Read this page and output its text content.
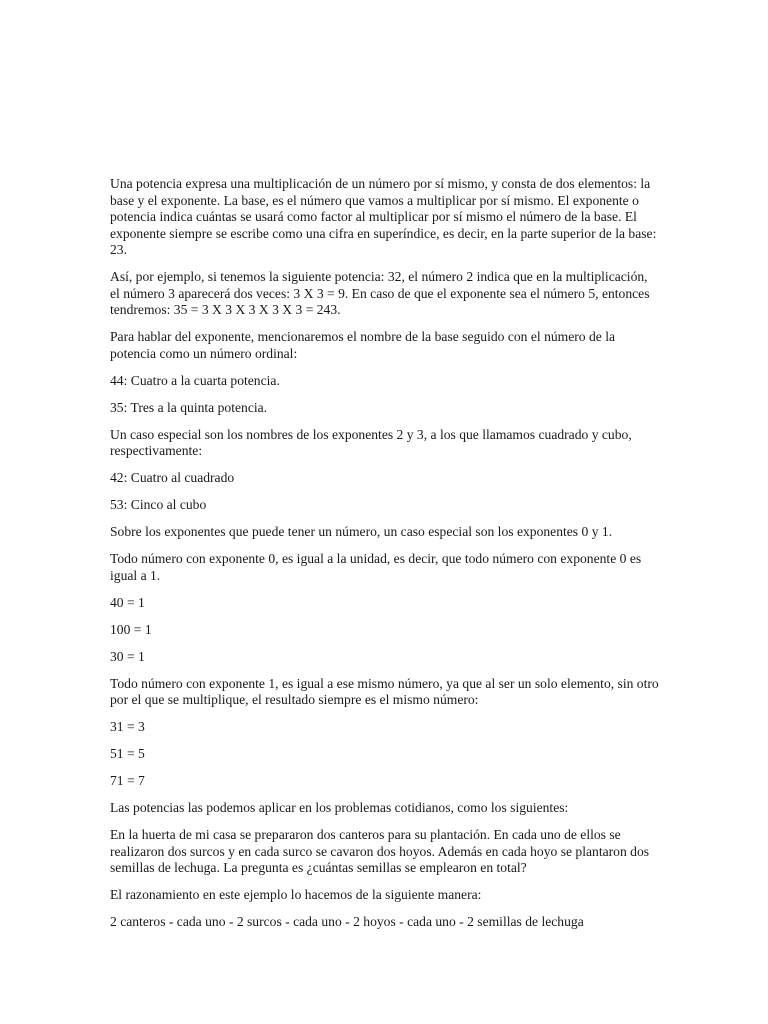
Una potencia expresa una multiplicación de un número por sí mismo, y consta de dos elementos: la base y el exponente. La base, es el número que vamos a multiplicar por sí mismo. El exponente o potencia indica cuántas se usará como factor al multiplicar por sí mismo el número de la base. El exponente siempre se escribe como una cifra en superíndice, es decir, en la parte superior de la base: 23.

Así, por ejemplo, si tenemos la siguiente potencia: 32, el número 2 indica que en la multiplicación, el número 3 aparecerá dos veces: 3 X 3 = 9. En caso de que el exponente sea el número 5, entonces tendremos: 35 = 3 X 3 X 3 X 3 X 3 = 243.

Para hablar del exponente, mencionaremos el nombre de la base seguido con el número de la potencia como un número ordinal:

44: Cuatro a la cuarta potencia.

35: Tres a la quinta potencia.

Un caso especial son los nombres de los exponentes 2 y 3, a los que llamamos cuadrado y cubo, respectivamente:

42: Cuatro al cuadrado

53: Cinco al cubo

Sobre los exponentes que puede tener un número, un caso especial son los exponentes 0 y 1.

Todo número con exponente 0, es igual a la unidad, es decir, que todo número con exponente 0 es igual a 1.

40 = 1

100 = 1

30 = 1

Todo número con exponente 1, es igual a ese mismo número, ya que al ser un solo elemento, sin otro por el que se multiplique, el resultado siempre es el mismo número:

31 = 3

51 = 5

71 = 7

Las potencias las podemos aplicar en los problemas cotidianos, como los siguientes:

En la huerta de mi casa se prepararon dos canteros para su plantación. En cada uno de ellos se realizaron dos surcos y en cada surco se cavaron dos hoyos. Además en cada hoyo se plantaron dos semillas de lechuga. La pregunta es ¿cuántas semillas se emplearon en total?

El razonamiento en este ejemplo lo hacemos de la siguiente manera:

2 canteros - cada uno - 2 surcos - cada uno - 2 hoyos - cada uno - 2 semillas de lechuga
